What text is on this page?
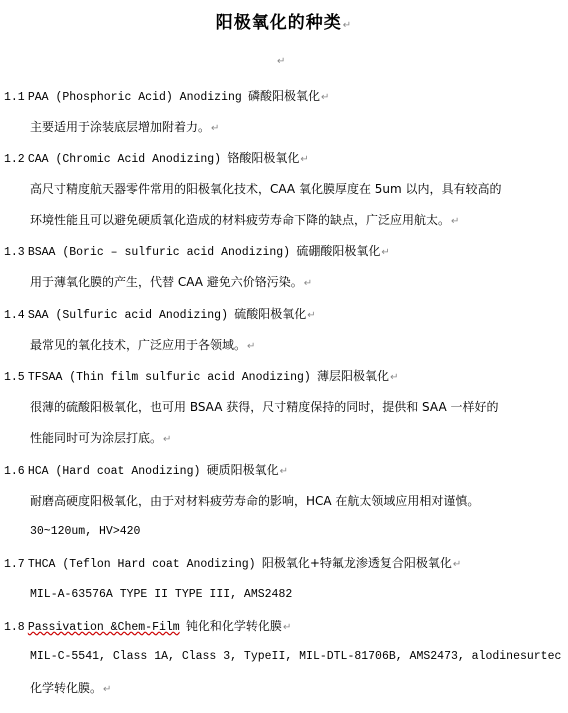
阳极氧化的种类↵
↵
1.1 PAA (Phosphoric Acid) Anodizing 磷酸阳极氧化↵
主要适用于涂装底层增加附着力。↵
1.2 CAA (Chromic Acid Anodizing) 铬酸阳极氧化↵
高尺寸精度航天器零件常用的阳极氧化技术，CAA 氧化膜厚度在 5um 以内，具有较高的
环境性能且可以避免硬质氧化造成的材料疲劳寿命下降的缺点，广泛应用航太。↵
1.3 BSAA (Boric – sulfuric acid Anodizing) 硫硼酸阳极氧化↵
用于薄氧化膜的产生，代替 CAA 避免六价铬污染。↵
1.4 SAA (Sulfuric acid Anodizing) 硫酸阳极氧化↵
最常见的氧化技术，广泛应用于各领域。↵
1.5 TFSAA (Thin film sulfuric acid Anodizing) 薄层阳极氧化↵
很薄的硫酸阳极氧化，也可用 BSAA 获得，尺寸精度保持的同时，提供和 SAA 一样好的
性能同时可为涂层打底。↵
1.6 HCA (Hard coat Anodizing) 硬质阳极氧化↵
耐磨高硬度阳极氧化，由于对材料疲劳寿命的影响，HCA 在航太领域应用相对谨慎。
30~120um, HV>420
1.7 THCA (Teflon Hard coat Anodizing) 阳极氧化+特氟龙渗透复合阳极氧化↵
MIL-A-63576A TYPE II TYPE III, AMS2482
1.8 Passivation &Chem-Film 钝化和化学转化膜↵
MIL-C-5541, Class 1A, Class 3, TypeII, MIL-DTL-81706B, AMS2473, alodinesurtec
化学转化膜。↵
